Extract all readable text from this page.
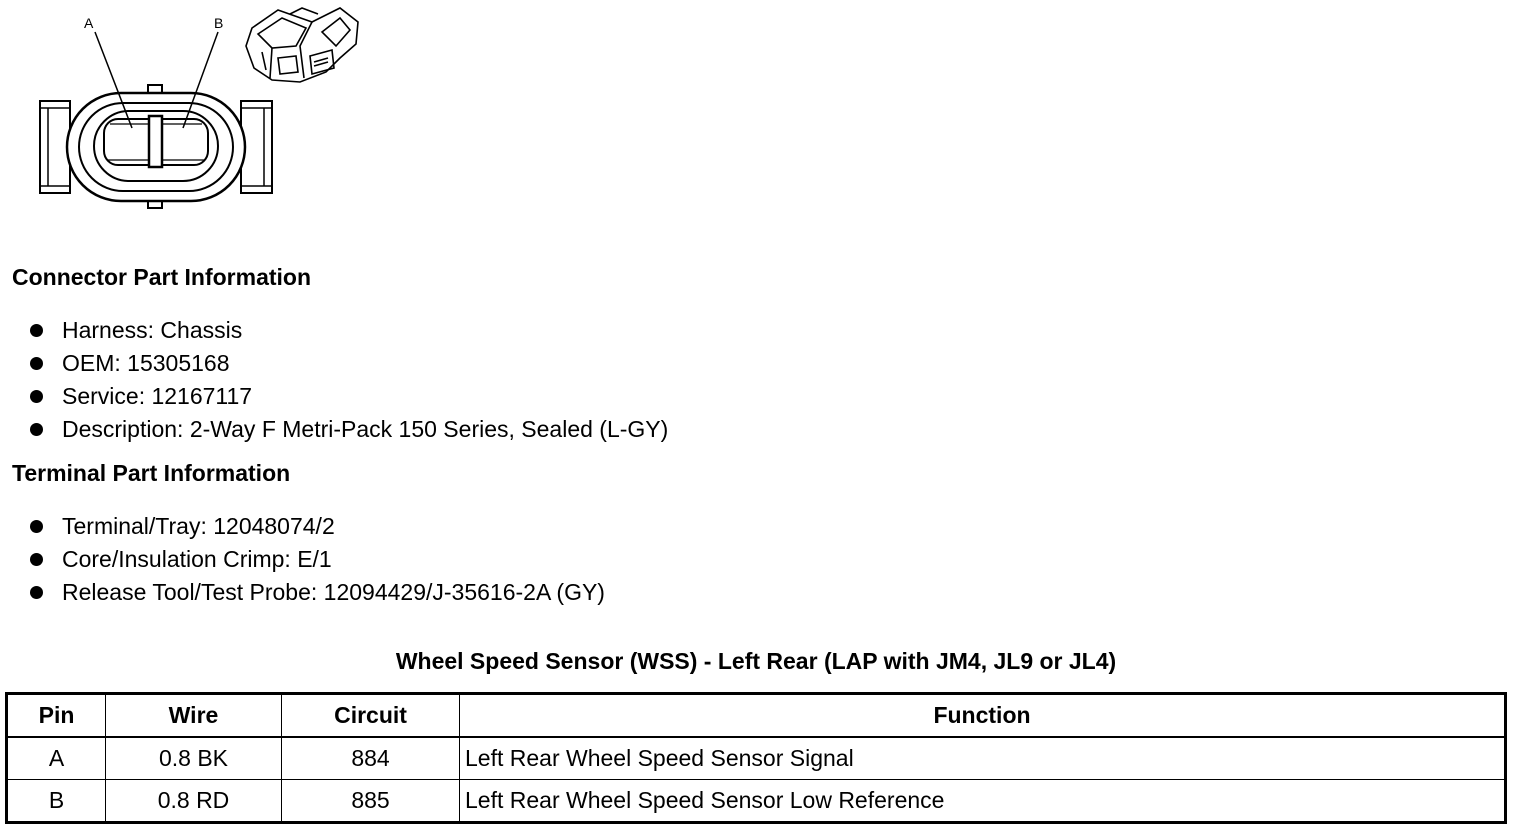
A	B
Connector Part Information
Harness: Chassis
OEM: 15305168
Service: 12167117
Description: 2-Way F Metri-Pack 150 Series, Sealed (L-GY)
Terminal Part Information
Terminal/Tray: 12048074/2
Core/Insulation Crimp: E/1
Release Tool/Test Probe: 12094429/J-35616-2A (GY)
Wheel Speed Sensor (WSS) - Left Rear (LAP with JM4, JL9 or JL4)
Pin	Wire	Circuit	Function
A	0.8 BK	884	Left Rear Wheel Speed Sensor Signal
B	0.8 RD	885	Left Rear Wheel Speed Sensor Low Reference
